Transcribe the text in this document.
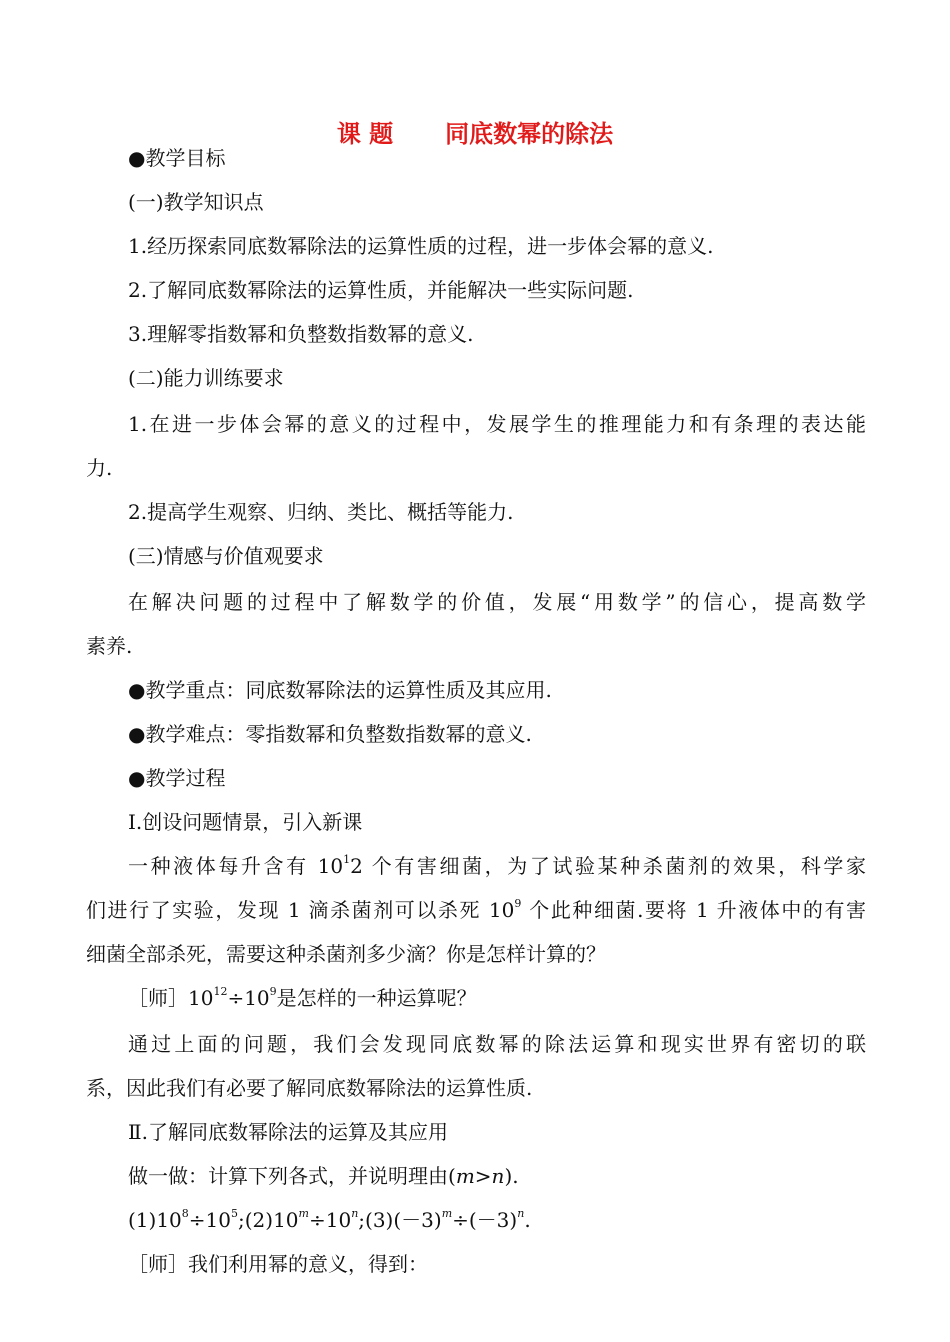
课 题 同底数幂的除法
●教学目标
(一)教学知识点
1.经历探索同底数幂除法的运算性质的过程，进一步体会幂的意义.
2.了解同底数幂除法的运算性质，并能解决一些实际问题.
3.理解零指数幂和负整数指数幂的意义.
(二)能力训练要求
1.在进一步体会幂的意义的过程中，发展学生的推理能力和有条理的表达能
力.
2.提高学生观察、归纳、类比、概括等能力.
(三)情感与价值观要求
在解决问题的过程中了解数学的价值，发展“用数学”的信心，提高数学
素养.
●教学重点：同底数幂除法的运算性质及其应用.
●教学难点：零指数幂和负整数指数幂的意义.
●教学过程
Ⅰ.创设问题情景，引入新课
一种液体每升含有 $10^12$ 个有害细菌，为了试验某种杀菌剂的效果，科学家
们进行了实验，发现 1 滴杀菌剂可以杀死 $10^9$ 个此种细菌.要将 1 升液体中的有害
细菌全部杀死，需要这种杀菌剂多少滴？你是怎样计算的？
［师$]10^{12}\div 10^9$是怎样的一种运算呢？
通过上面的问题，我们会发现同底数幂的除法运算和现实世界有密切的联
系，因此我们有必要了解同底数幂除法的运算性质.
Ⅱ.了解同底数幂除法的运算及其应用
做一做：计算下列各式，并说明理由(m>n).
$(1)10^8\div 10^5;(2)10^m\div 10^n;(3)(-3)^m\div(-3)^n$.
［师］我们利用幂的意义，得到：
